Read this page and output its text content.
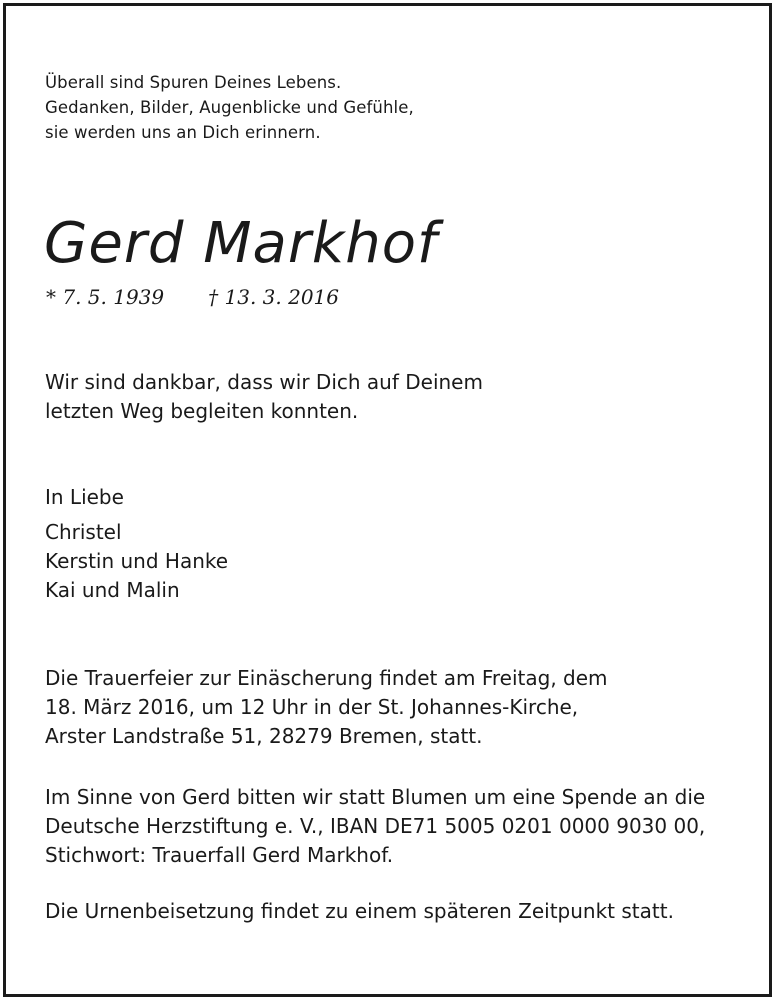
Überall sind Spuren Deines Lebens.
Gedanken, Bilder, Augenblicke und Gefühle,
sie werden uns an Dich erinnern.
Gerd Markhof
* 7. 5. 1939 † 13. 3. 2016
Wir sind dankbar, dass wir Dich auf Deinem
letzten Weg begleiten konnten.
In Liebe
Christel
Kerstin und Hanke
Kai und Malin
Die Trauerfeier zur Einäscherung findet am Freitag, dem
18. März 2016, um 12 Uhr in der St. Johannes-Kirche,
Arster Landstraße 51, 28279 Bremen, statt.
Im Sinne von Gerd bitten wir statt Blumen um eine Spende an die
Deutsche Herzstiftung e. V., IBAN DE71 5005 0201 0000 9030 00,
Stichwort: Trauerfall Gerd Markhof.
Die Urnenbeisetzung findet zu einem späteren Zeitpunkt statt.
